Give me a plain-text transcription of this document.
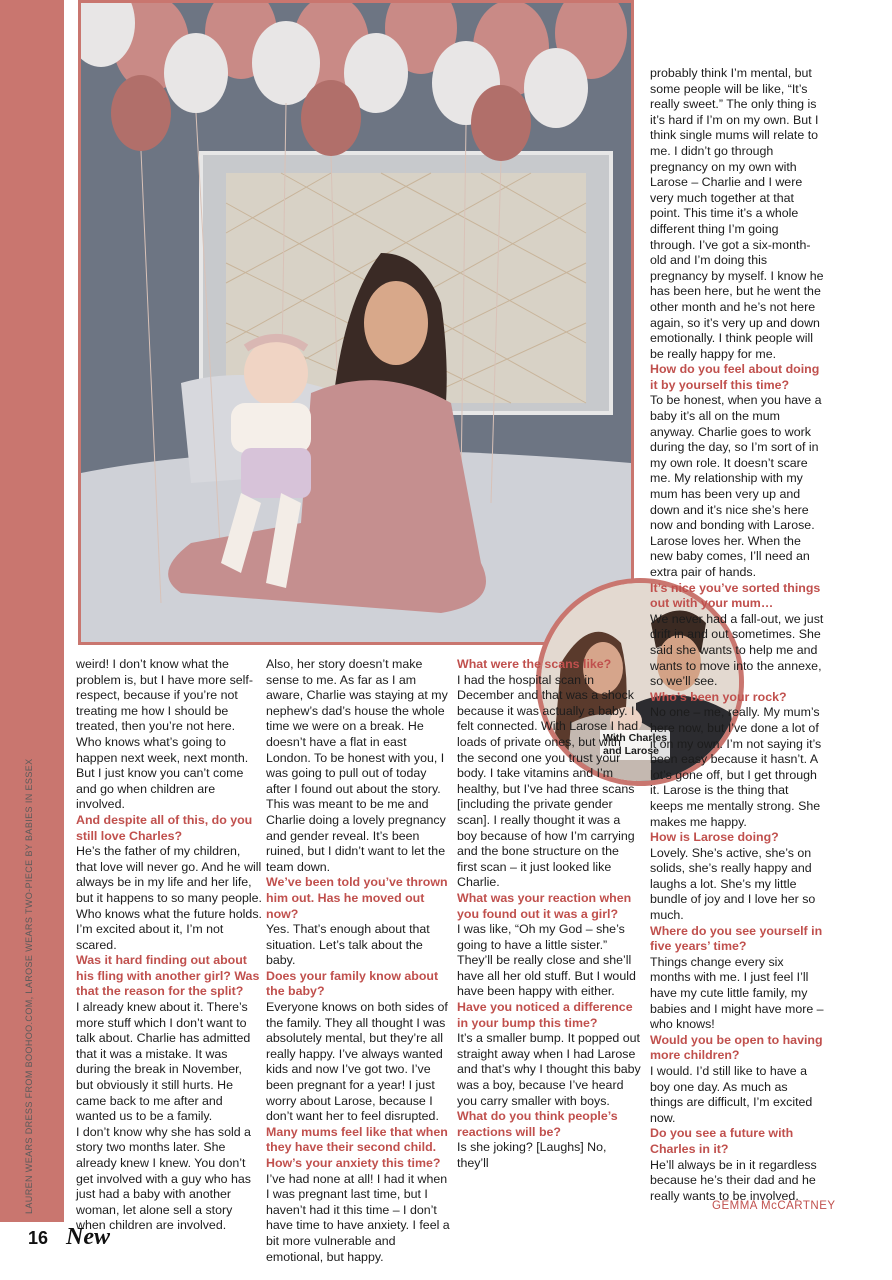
LAUREN WEARS DRESS FROM BOOHOO.COM, LAROSE WEARS TWO-PIECE BY BABIES IN ESSEX
With Charles
and Larose

weird! I don’t know what the problem is, but I have more self-respect, because if you’re not treating me how I should be treated, then you’re not here. Who knows what’s going to happen next week, next month. But I just know you can’t come and go when children are involved.

And despite all of this, do you still love Charles?

He’s the father of my children, that love will never go. And he will always be in my life and her life, but it happens to so many people. Who knows what the future holds. I’m excited about it, I’m not scared.

Was it hard finding out about his fling with another girl? Was that the reason for the split?

I already knew about it. There’s more stuff which I don’t want to talk about. Charlie has admitted that it was a mistake. It was during the break in November, but obviously it still hurts. He came back to me after and wanted us to be a family.

I don’t know why she has sold a story two months later. She already knew I knew. You don’t get involved with a guy who has just had a baby with another woman, let alone sell a story when children are involved.

Also, her story doesn’t make sense to me. As far as I am aware, Charlie was staying at my nephew’s dad’s house the whole time we were on a break. He doesn’t have a flat in east London. To be honest with you, I was going to pull out of today after I found out about the story. This was meant to be me and Charlie doing a lovely pregnancy and gender reveal. It’s been ruined, but I didn’t want to let the team down.

We’ve been told you’ve thrown him out. Has he moved out now?

Yes. That’s enough about that situation. Let’s talk about the baby.

Does your family know about the baby?

Everyone knows on both sides of the family. They all thought I was absolutely mental, but they’re all really happy. I’ve always wanted kids and now I’ve got two. I’ve been pregnant for a year! I just worry about Larose, because I don’t want her to feel disrupted.

Many mums feel like that when they have their second child. How’s your anxiety this time?

I’ve had none at all! I had it when I was pregnant last time, but I haven’t had it this time – I don’t have time to have anxiety. I feel a bit more vulnerable and emotional, but happy.

What were the scans like?

I had the hospital scan in December and that was a shock because it was actually a baby. I felt connected. With Larose I had loads of private ones, but with the second one you trust your body. I take vitamins and I’m healthy, but I’ve had three scans [including the private gender scan]. I really thought it was a boy because of how I’m carrying and the bone structure on the first scan – it just looked like Charlie.

What was your reaction when you found out it was a girl?

I was like, “Oh my God – she’s going to have a little sister.” They’ll be really close and she’ll have all her old stuff. But I would have been happy with either.

Have you noticed a difference in your bump this time?

It’s a smaller bump. It popped out straight away when I had Larose and that’s why I thought this baby was a boy, because I’ve heard you carry smaller with boys.

What do you think people’s reactions will be?

Is she joking? [Laughs] No, they’ll

probably think I’m mental, but some people will be like, “It’s really sweet.” The only thing is it’s hard if I’m on my own. But I think single mums will relate to me. I didn’t go through pregnancy on my own with Larose – Charlie and I were very much together at that point. This time it’s a whole different thing I’m going through. I’ve got a six-month-old and I’m doing this pregnancy by myself. I know he has been here, but he went the other month and he’s not here again, so it’s very up and down emotionally. I think people will be really happy for me.

How do you feel about doing it by yourself this time?

To be honest, when you have a baby it’s all on the mum anyway. Charlie goes to work during the day, so I’m sort of in my own role. It doesn’t scare me. My relationship with my mum has been very up and down and it’s nice she’s here now and bonding with Larose. Larose loves her. When the new baby comes, I’ll need an extra pair of hands.

It’s nice you’ve sorted things out with your mum…

We never had a fall-out, we just drift in and out sometimes. She said she wants to help me and wants to move into the annexe, so we’ll see.

Who’s been your rock?

No one – me, really. My mum’s here now, but I’ve done a lot of it on my own. I’m not saying it’s been easy because it hasn’t. A lot’s gone off, but I get through it. Larose is the thing that keeps me mentally strong. She makes me happy.

How is Larose doing?

Lovely. She’s active, she’s on solids, she’s really happy and laughs a lot. She’s my little bundle of joy and I love her so much.

Where do you see yourself in five years’ time?

Things change every six months with me. I just feel I’ll have my cute little family, my babies and I might have more – who knows!

Would you be open to having more children?

I would. I’d still like to have a boy one day. As much as things are difficult, I’m excited now.

Do you see a future with Charles in it?

He’ll always be in it regardless because he’s their dad and he really wants to be involved.

GEMMA McCARTNEY
16 New
